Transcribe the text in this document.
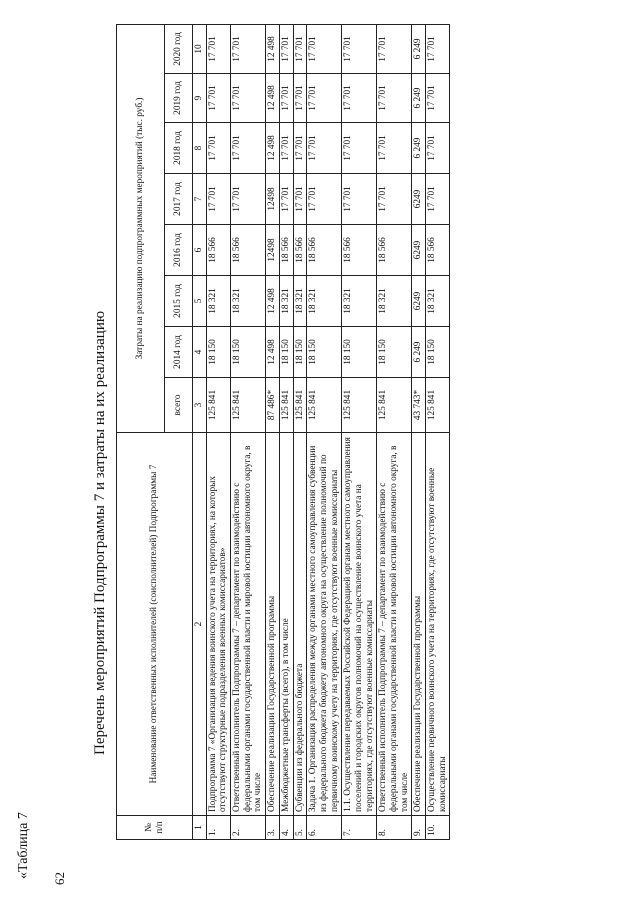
62
«Таблица 7
Перечень мероприятий Подпрограммы 7 и затраты на их реализацию
№ п/п	Наименование ответственных исполнителей (соисполнителей) Подпрограммы 7	Затраты на реализацию подпрограммных мероприятий (тыс. руб.)							
		всего	2014 год	2015 год	2016 год	2017 год	2018 год	2019 год	2020 год
1	2	3	4	5	6	7	8	9	10
1.	Подпрограмма 7 «Организация ведения воинского учета на территориях, на которых отсутствуют структурные подразделения военных комиссариатов»	125 841	18 150	18 321	18 566	17 701	17 701	17 701	17 701
2.	Ответственный исполнитель Подпрограммы 7 – департамент по взаимодействию с федеральными органами государственной власти и мировой юстиции автономного округа, в том числе	125 841	18 150	18 321	18 566	17 701	17 701	17 701	17 701
3.	Обеспечение реализации Государственной программы	87 486*	12 498	12 498	12498	12498	12 498	12 498	12 498
4.	Межбюджетные трансферты (всего), в том числе	125 841	18 150	18 321	18 566	17 701	17 701	17 701	17 701
5.	Субвенции из федерального бюджета	125 841	18 150	18 321	18 566	17 701	17 701	17 701	17 701
6.	Задача 1. Организация распределения между органами местного самоуправления субвенции из федерального бюджета бюджету автономного округа на осуществление полномочий по первичному воинскому учету на территориях, где отсутствуют военные комиссариаты	125 841	18 150	18 321	18 566	17 701	17 701	17 701	17 701
7.	1.1. Осуществление передаваемых Российской Федерацией органам местного самоуправления поселений и городских округов полномочий на осуществление воинского учета на территориях, где отсутствуют военные комиссариаты	125 841	18 150	18 321	18 566	17 701	17 701	17 701	17 701
8.	Ответственный исполнитель Подпрограммы 7 – департамент по взаимодействию с федеральными органами государственной власти и мировой юстиции автономного округа, в том числе	125 841	18 150	18 321	18 566	17 701	17 701	17 701	17 701
9.	Обеспечение реализации Государственной программы	43 743*	6 249	6249	6249	6249	6 249	6 249	6 249
10.	Осуществление первичного воинского учета на территориях, где отсутствуют военные комиссариаты	125 841	18 150	18 321	18 566	17 701	17 701	17 701	17 701
